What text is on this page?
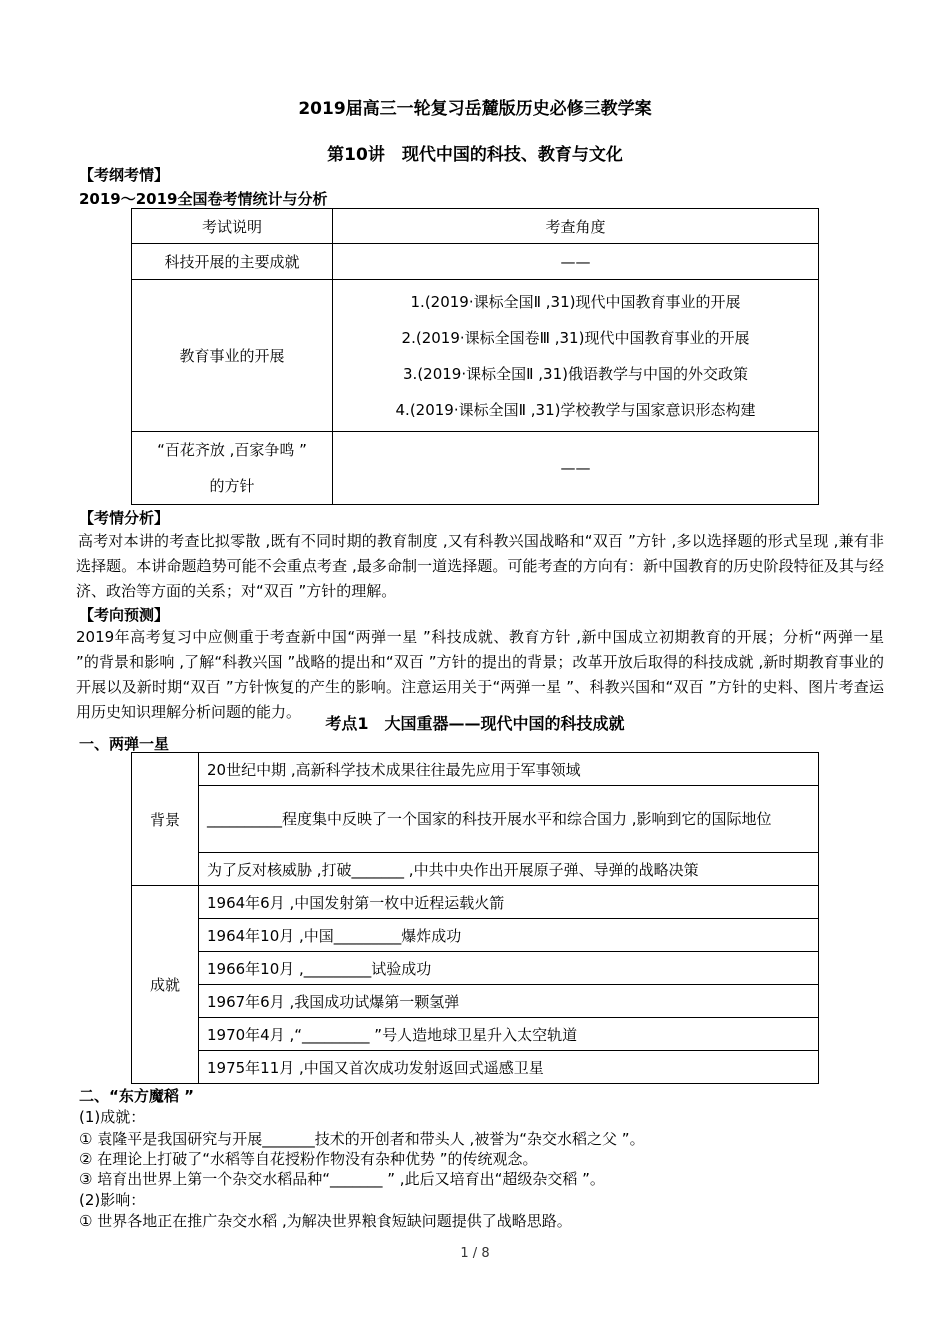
2019届高三一轮复习岳麓版历史必修三教学案
第10讲　现代中国的科技、教育与文化
【考纲考情】
2019～2019全国卷考情统计与分析
考试说明	考查角度
科技开展的主要成就	——
教育事业的开展	1.(2019·课标全国Ⅱ ,31)现代中国教育事业的开展
2.(2019·课标全国卷Ⅲ ,31)现代中国教育事业的开展
3.(2019·课标全国Ⅱ ,31)俄语教学与中国的外交政策
4.(2019·课标全国Ⅱ ,31)学校教学与国家意识形态构建

“百花齐放 ,百家争鸣 ”
的方针	——
【考情分析】
高考对本讲的考查比拟零散 ,既有不同时期的教育制度 ,又有科教兴国战略和“双百 ”方针 ,多以选择题的形式呈现 ,兼有非选择题。本讲命题趋势可能不会重点考查 ,最多命制一道选择题。可能考查的方向有：新中国教育的历史阶段特征及其与经济、政治等方面的关系；对“双百 ”方针的理解。
【考向预测】
2019年高考复习中应侧重于考查新中国“两弹一星 ”科技成就、教育方针 ,新中国成立初期教育的开展；分析“两弹一星 ”的背景和影响 ,了解“科教兴国 ”战略的提出和“双百 ”方针的提出的背景；改革开放后取得的科技成就 ,新时期教育事业的开展以及新时期“双百 ”方针恢复的产生的影响。注意运用关于“两弹一星 ”、科教兴国和“双百 ”方针的史料、图片考查运用历史知识理解分析问题的能力。
考点1　大国重器——现代中国的科技成就
一、两弹一星
背景	20世纪中期 ,高新科学技术成果往往最先应用于军事领域
	__________程度集中反映了一个国家的科技开展水平和综合国力 ,影响到它的国际地位
	为了反对核威胁 ,打破_______ ,中共中央作出开展原子弹、导弹的战略决策
成就	1964年6月 ,中国发射第一枚中近程运载火箭
	1964年10月 ,中国_________爆炸成功
	1966年10月 ,_________试验成功
	1967年6月 ,我国成功试爆第一颗氢弹
	1970年4月 ,“_________ ”号人造地球卫星升入太空轨道
	1975年11月 ,中国又首次成功发射返回式遥感卫星
二、“东方魔稻 ”
(1)成就：
① 袁隆平是我国研究与开展_______技术的开创者和带头人 ,被誉为“杂交水稻之父 ”。
② 在理论上打破了“水稻等自花授粉作物没有杂种优势 ”的传统观念。
③ 培育出世界上第一个杂交水稻品种“_______ ” ,此后又培育出“超级杂交稻 ”。
(2)影响：
① 世界各地正在推广杂交水稻 ,为解决世界粮食短缺问题提供了战略思路。
1 / 8
